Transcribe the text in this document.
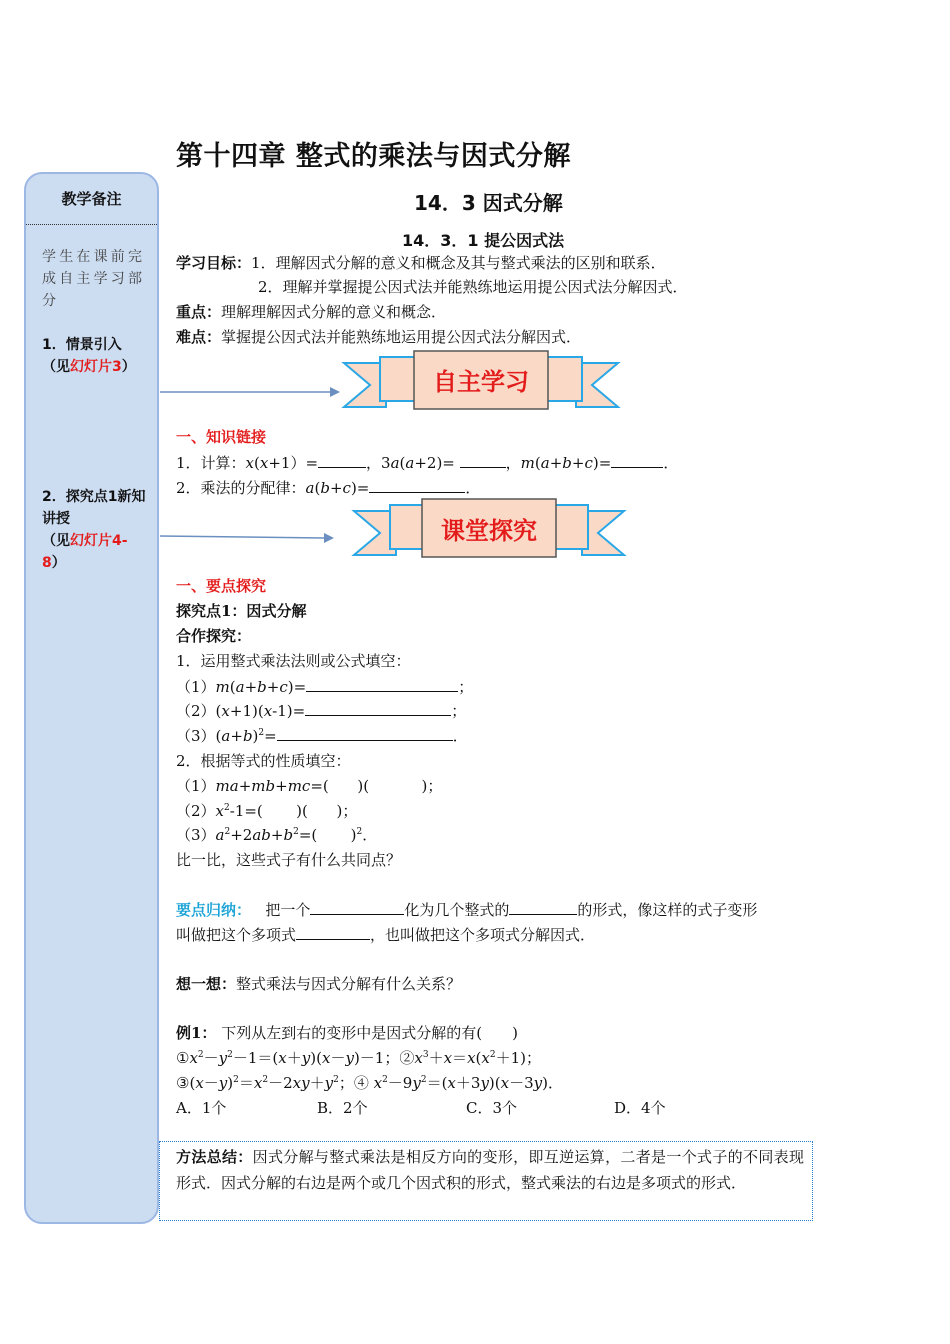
第十四章 整式的乘法与因式分解
教学备注
学生在课前完成自主学习部分
1．情景引入
（见幻灯片3）
2．探究点1新知讲授
（见幻灯片4-8）
14．3 因式分解
14．3．1 提公因式法
学习目标：1．理解因式分解的意义和概念及其与整式乘法的区别和联系．
2．理解并掌握提公因式法并能熟练地运用提公因式法分解因式．
重点：理解理解因式分解的意义和概念．
难点：掌握提公因式法并能熟练地运用提公因式法分解因式．
自主学习
一、知识链接
1．计算：x(x+1）=	，3a(a+2)=	，m(a+b+c)=	．
2．乘法的分配律：a(b+c)=	．
课堂探究
一、要点探究
探究点1：因式分解
合作探究：
1．运用整式乘法法则或公式填空：
（1）m(a+b+c)=	；
（2）(x+1)(x-1)=	；
$(3)(a+b)^2=$	．
2．根据等式的性质填空：
（1）ma+mb+mc=(      )(           )；
$(2)x^2-1=$(       )(      )；
$(3)a^2+2ab+b^2=$(       )$^2$．
比一比，这些式子有什么共同点？
要点归纳： 把一个	化为几个整式的	的形式，像这样的式子变形
叫做把这个多项式	，也叫做把这个多项式分解因式．
想一想：整式乘法与因式分解有什么关系？
例1： 下列从左到右的变形中是因式分解的有(　　)
$①x^2-y^2-1=(x+y)(x-y)-1$；$②x^3+x=x(x^2+1)$；
$③(x-y)^2=x^2-2xy+y^2$；④ $x^2-9y^2=(x+3y)(x-3y)$．
A．1个	B．2个	C．3个	D．4个
方法总结：因式分解与整式乘法是相反方向的变形，即互逆运算，二者是一个式子的不同表现形式．因式分解的右边是两个或几个因式积的形式，整式乘法的右边是多项式的形式．
